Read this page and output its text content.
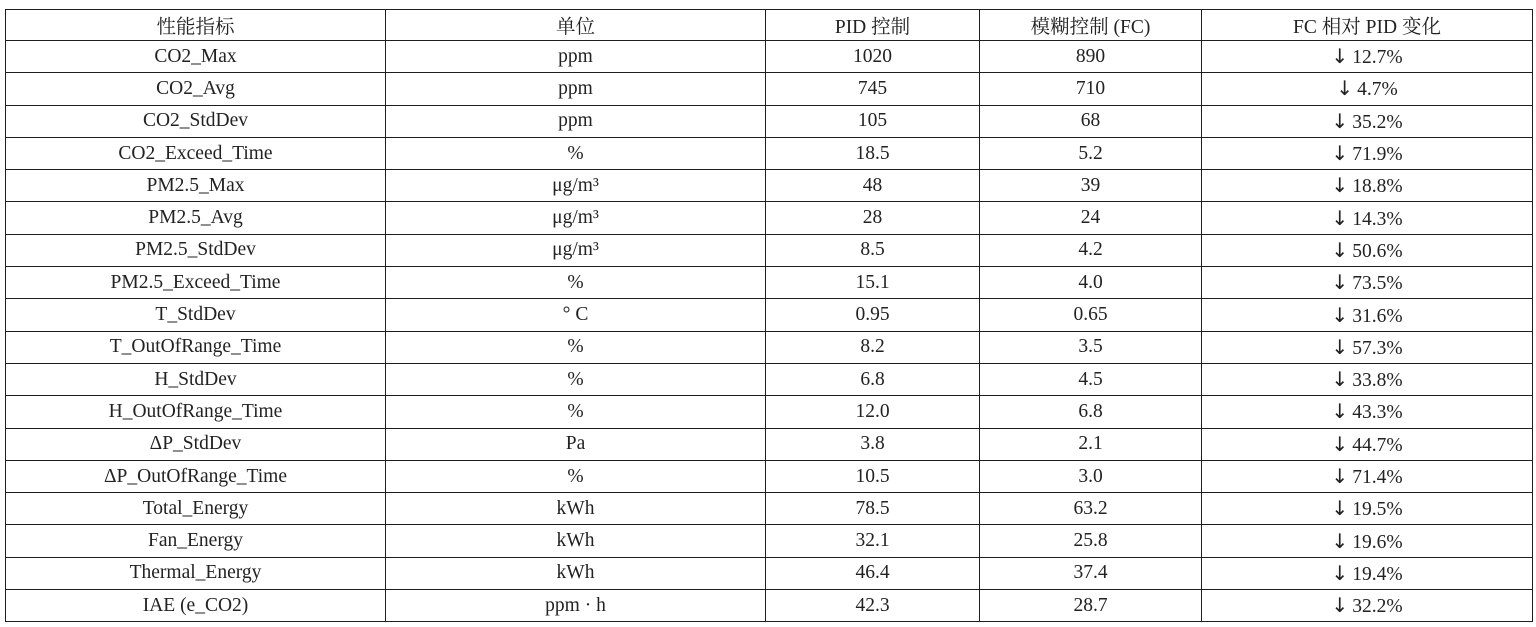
性能指标	单位	PID 控制	模糊控制 (FC)	FC 相对 PID 变化
CO2_Max	ppm	1020	890	↓ 12.7%
CO2_Avg	ppm	745	710	↓ 4.7%
CO2_StdDev	ppm	105	68	↓ 35.2%
CO2_Exceed_Time	%	18.5	5.2	↓ 71.9%
PM2.5_Max	μg/m³	48	39	↓ 18.8%
PM2.5_Avg	μg/m³	28	24	↓ 14.3%
PM2.5_StdDev	μg/m³	8.5	4.2	↓ 50.6%
PM2.5_Exceed_Time	%	15.1	4.0	↓ 73.5%
T_StdDev	° C	0.95	0.65	↓ 31.6%
T_OutOfRange_Time	%	8.2	3.5	↓ 57.3%
H_StdDev	%	6.8	4.5	↓ 33.8%
H_OutOfRange_Time	%	12.0	6.8	↓ 43.3%
ΔP_StdDev	Pa	3.8	2.1	↓ 44.7%
ΔP_OutOfRange_Time	%	10.5	3.0	↓ 71.4%
Total_Energy	kWh	78.5	63.2	↓ 19.5%
Fan_Energy	kWh	32.1	25.8	↓ 19.6%
Thermal_Energy	kWh	46.4	37.4	↓ 19.4%
IAE (e_CO2)	ppm · h	42.3	28.7	↓ 32.2%
